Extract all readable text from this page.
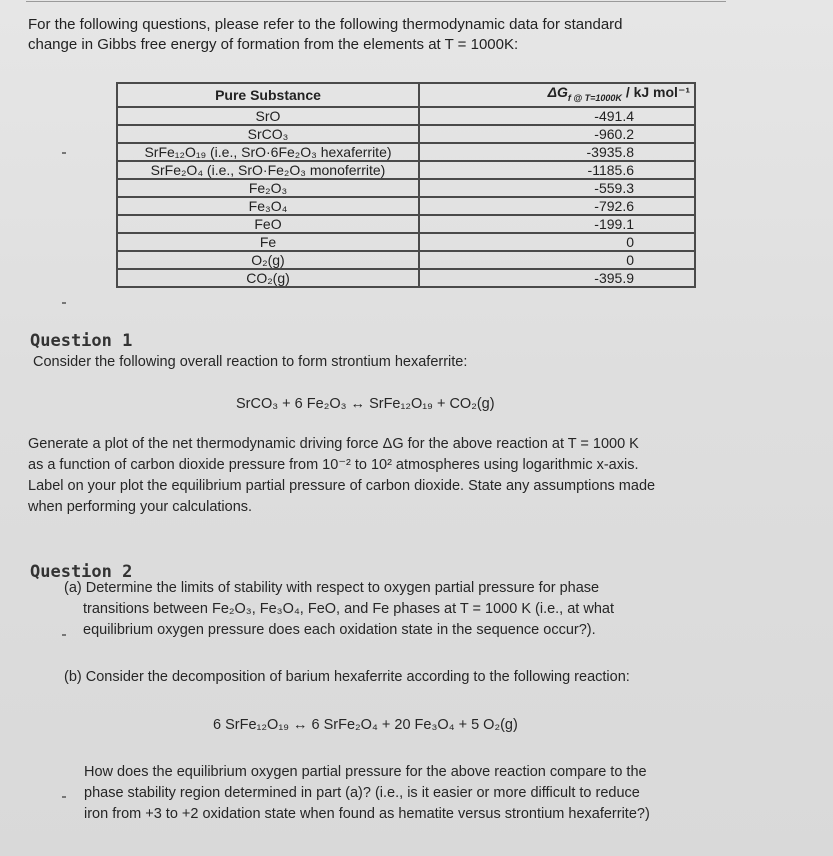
For the following questions, please refer to the following thermodynamic data for standard
change in Gibbs free energy of formation from the elements at T = 1000K:
Pure Substance	$\Delta G_{f @ T=1000K}$ / kJ mol⁻¹
SrO	-491.4
SrCO₃	-960.2
SrFe₁₂O₁₉ (i.e., SrO·6Fe₂O₃ hexaferrite)	-3935.8
SrFe₂O₄ (i.e., SrO·Fe₂O₃ monoferrite)	-1185.6
Fe₂O₃	-559.3
Fe₃O₄	-792.6
FeO	-199.1
Fe	0
O₂(g)	0
CO₂(g)	-395.9
Question 1
Consider the following overall reaction to form strontium hexaferrite:
SrCO₃ + 6 Fe₂O₃ ↔ SrFe₁₂O₁₉ + CO₂(g)
Generate a plot of the net thermodynamic driving force ΔG for the above reaction at T = 1000 K
as a function of carbon dioxide pressure from 10⁻² to 10² atmospheres using logarithmic x-axis.
Label on your plot the equilibrium partial pressure of carbon dioxide. State any assumptions made
when performing your calculations.
Question 2
(a) Determine the limits of stability with respect to oxygen partial pressure for phase
transitions between Fe₂O₃, Fe₃O₄, FeO, and Fe phases at T = 1000 K (i.e., at what
equilibrium oxygen pressure does each oxidation state in the sequence occur?).
(b) Consider the decomposition of barium hexaferrite according to the following reaction:
6 SrFe₁₂O₁₉ ↔ 6 SrFe₂O₄ + 20 Fe₃O₄ + 5 O₂(g)
How does the equilibrium oxygen partial pressure for the above reaction compare to the
phase stability region determined in part (a)? (i.e., is it easier or more difficult to reduce
iron from +3 to +2 oxidation state when found as hematite versus strontium hexaferrite?)
